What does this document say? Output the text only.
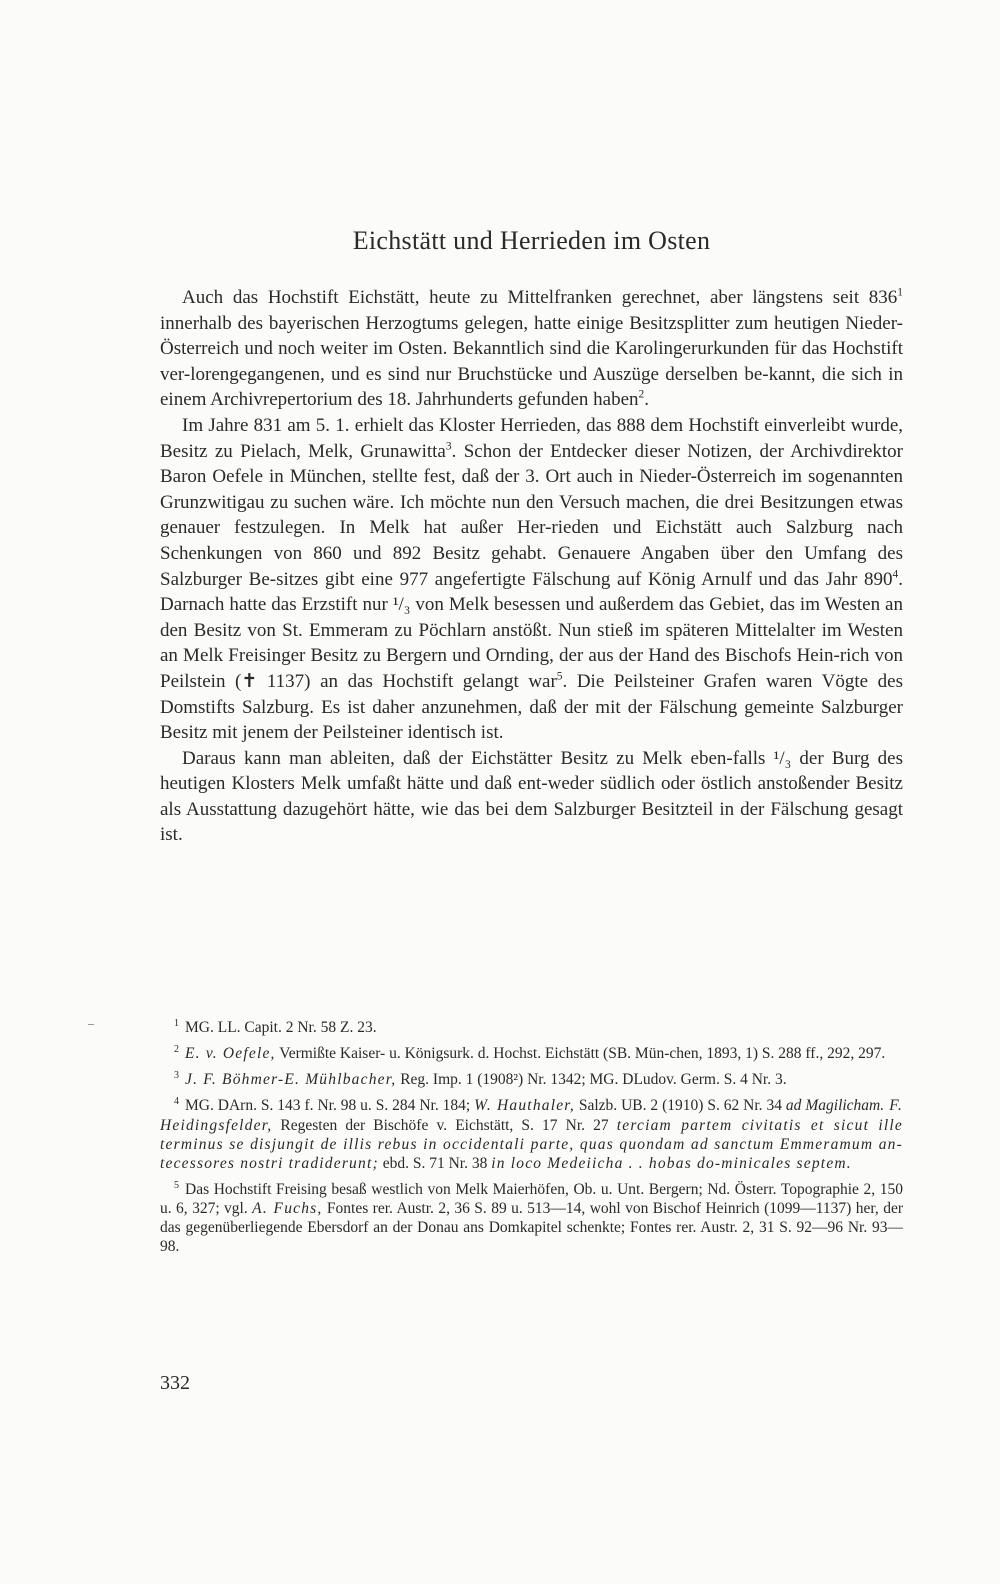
Eichstätt und Herrieden im Osten

Auch das Hochstift Eichstätt, heute zu Mittelfranken gerechnet, aber längstens seit $836^1$ innerhalb des bayerischen Herzogtums gelegen, hatte einige Besitzsplitter zum heutigen Nieder-Österreich und noch weiter im Osten. Bekanntlich sind die Karolingerurkunden für das Hochstift ver-lorengegangenen, und es sind nur Bruchstücke und Auszüge derselben be-kannt, die sich in einem Archivrepertorium des 18. Jahrhunderts gefunden haben$^2$.

Im Jahre 831 am 5. 1. erhielt das Kloster Herrieden, das 888 dem Hochstift einverleibt wurde, Besitz zu Pielach, Melk, Grunawitta$^3$. Schon der Entdecker dieser Notizen, der Archivdirektor Baron Oefele in München, stellte fest, daß der 3. Ort auch in Nieder-Österreich im sogenannten Grunzwitigau zu suchen wäre. Ich möchte nun den Versuch machen, die drei Besitzungen etwas genauer festzulegen. In Melk hat außer Her-rieden und Eichstätt auch Salzburg nach Schenkungen von 860 und 892 Besitz gehabt. Genauere Angaben über den Umfang des Salzburger Be-sitzes gibt eine 977 angefertigte Fälschung auf König Arnulf und das Jahr $890^4$. Darnach hatte das Erzstift nur ¹/₃ von Melk besessen und außerdem das Gebiet, das im Westen an den Besitz von St. Emmeram zu Pöchlarn anstößt. Nun stieß im späteren Mittelalter im Westen an Melk Freisinger Besitz zu Bergern und Ornding, der aus der Hand des Bischofs Hein-rich von Peilstein (✝ 1137) an das Hochstift gelangt war$^5$. Die Peilsteiner Grafen waren Vögte des Domstifts Salzburg. Es ist daher anzunehmen, daß der mit der Fälschung gemeinte Salzburger Besitz mit jenem der Peilsteiner identisch ist.

Daraus kann man ableiten, daß der Eichstätter Besitz zu Melk eben-falls ¹/₃ der Burg des heutigen Klosters Melk umfaßt hätte und daß ent-weder südlich oder östlich anstoßender Besitz als Ausstattung dazugehört hätte, wie das bei dem Salzburger Besitzteil in der Fälschung gesagt ist.

$^1$ MG. LL. Capit. 2 Nr. 58 Z. 23.
$^2$ E. v. Oefele, Vermißte Kaiser- u. Königsurk. d. Hochst. Eichstätt (SB. Mün-chen, 1893, 1) S. 288 ff., 292, 297.
$^3$ J. F. Böhmer-E. Mühlbacher, Reg. Imp. 1 (1908²) Nr. 1342; MG. DLudov. Germ. S. 4 Nr. 3.
$^4$ MG. DArn. S. 143 f. Nr. 98 u. S. 284 Nr. 184; W. Hauthaler, Salzb. UB. 2 (1910) S. 62 Nr. 34 ad Magilicham. F. Heidingsfelder, Regesten der Bischöfe v. Eichstätt, S. 17 Nr. 27 terciam partem civitatis et sicut ille terminus se disjungit de illis rebus in occidentali parte, quas quondam ad sanctum Emmeramum an-tecessores nostri tradiderunt; ebd. S. 71 Nr. 38 in loco Medeiicha . . hobas do-minicales septem.
$^5$ Das Hochstift Freising besaß westlich von Melk Maierhöfen, Ob. u. Unt. Bergern; Nd. Österr. Topographie 2, 150 u. 6, 327; vgl. A. Fuchs, Fontes rer. Austr. 2, 36 S. 89 u. 513—14, wohl von Bischof Heinrich (1099—1137) her, der das gegenüberliegende Ebersdorf an der Donau ans Domkapitel schenkte; Fontes rer. Austr. 2, 31 S. 92—96 Nr. 93—98.
332
